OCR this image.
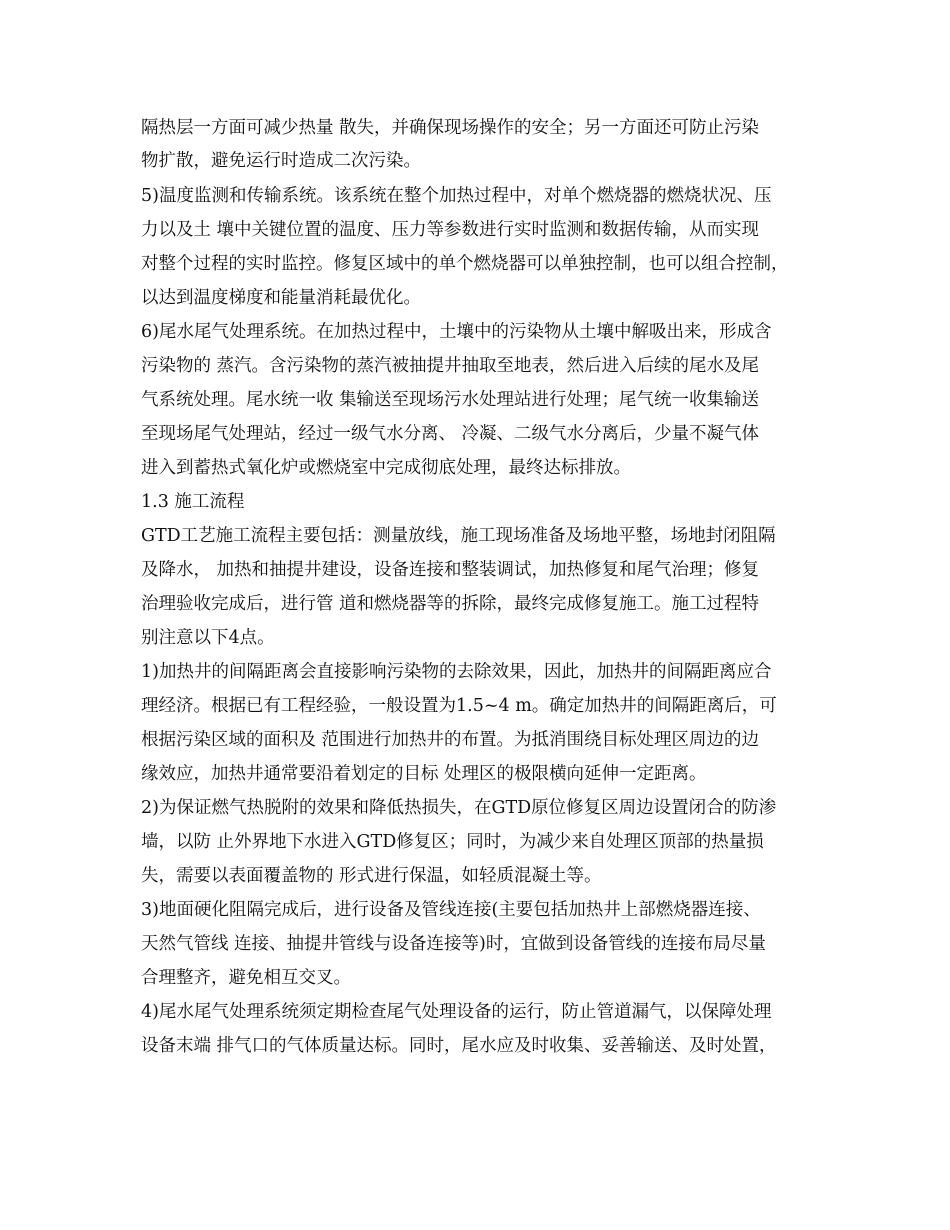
隔热层一方面可减少热量 散失，并确保现场操作的安全；另一方面还可防止污染
物扩散，避免运行时造成二次污染。
5)温度监测和传输系统。该系统在整个加热过程中，对单个燃烧器的燃烧状况、压
力以及土 壤中关键位置的温度、压力等参数进行实时监测和数据传输，从而实现
对整个过程的实时监控。修复区域中的单个燃烧器可以单独控制，也可以组合控制，
以达到温度梯度和能量消耗最优化。
6)尾水尾气处理系统。在加热过程中，土壤中的污染物从土壤中解吸出来，形成含
污染物的 蒸汽。含污染物的蒸汽被抽提井抽取至地表，然后进入后续的尾水及尾
气系统处理。尾水统一收 集输送至现场污水处理站进行处理；尾气统一收集输送
至现场尾气处理站，经过一级气水分离、 冷凝、二级气水分离后，少量不凝气体
进入到蓄热式氧化炉或燃烧室中完成彻底处理，最终达标排放。
1.3 施工流程
GTD工艺施工流程主要包括：测量放线，施工现场准备及场地平整，场地封闭阻隔
及降水， 加热和抽提井建设，设备连接和整装调试，加热修复和尾气治理；修复
治理验收完成后，进行管 道和燃烧器等的拆除，最终完成修复施工。施工过程特
别注意以下4点。
1)加热井的间隔距离会直接影响污染物的去除效果，因此，加热井的间隔距离应合
理经济。根据已有工程经验，一般设置为1.5~4 m。确定加热井的间隔距离后，可
根据污染区域的面积及 范围进行加热井的布置。为抵消围绕目标处理区周边的边
缘效应，加热井通常要沿着划定的目标 处理区的极限横向延伸一定距离。
2)为保证燃气热脱附的效果和降低热损失，在GTD原位修复区周边设置闭合的防渗
墙，以防 止外界地下水进入GTD修复区；同时，为减少来自处理区顶部的热量损
失，需要以表面覆盖物的 形式进行保温，如轻质混凝土等。
3)地面硬化阻隔完成后，进行设备及管线连接(主要包括加热井上部燃烧器连接、
天然气管线 连接、抽提井管线与设备连接等)时，宜做到设备管线的连接布局尽量
合理整齐，避免相互交叉。
4)尾水尾气处理系统须定期检查尾气处理设备的运行，防止管道漏气，以保障处理
设备末端 排气口的气体质量达标。同时，尾水应及时收集、妥善输送、及时处置，
